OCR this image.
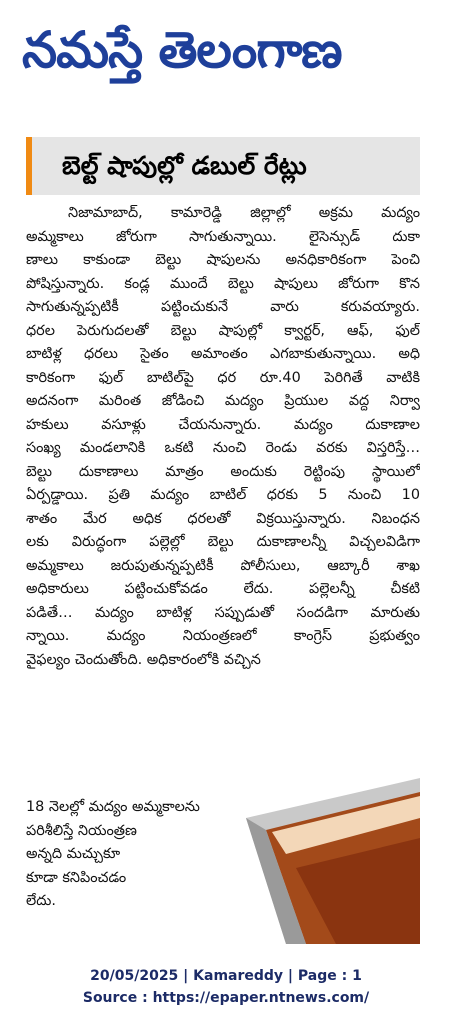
నమస్తే తెలంగాణ
బెల్ట్ షాపుల్లో డబుల్ రేట్లు
నిజామాబాద్, కామారెడ్డి జిల్లాల్లో అక్రమ మద్యం
అమ్మకాలు జోరుగా సాగుతున్నాయి. లైసెన్సుడ్ దుకా
ణాలు కాకుండా బెల్టు షాపులను అనధికారికంగా పెంచి
పోషిస్తున్నారు. కండ్ల ముందే బెల్టు షాపులు జోరుగా కొన
సాగుతున్నప్పటికీ పట్టించుకునే వారు కరువయ్యారు.
ధరల పెరుగుదలతో బెల్టు షాపుల్లో క్వార్టర్, ఆఫ్, ఫుల్
బాటిళ్ల ధరలు సైతం అమాంతం ఎగబాకుతున్నాయి. అధి
కారికంగా ఫుల్ బాటిల్‌పై ధర రూ.40 పెరిగితే వాటికి
అదనంగా మరింత జోడించి మద్యం ప్రియుల వద్ద నిర్వా
హకులు వసూళ్లు చేయనున్నారు. మద్యం దుకాణాల
సంఖ్య మండలానికి ఒకటి నుంచి రెండు వరకు విస్తరిస్తే…
బెల్టు దుకాణాలు మాత్రం అందుకు రెట్టింపు స్థాయిలో
ఏర్పడ్డాయి. ప్రతి మద్యం బాటిల్ ధరకు 5 నుంచి 10
శాతం మేర అధిక ధరలతో విక్రయిస్తున్నారు. నిబంధన
లకు విరుద్ధంగా పల్లెల్లో బెల్టు దుకాణాలన్నీ విచ్చలవిడిగా
అమ్మకాలు జరుపుతున్నప్పటికీ పోలీసులు, ఆబ్కారీ శాఖ
అధికారులు పట్టించుకోవడం లేదు. పల్లెలన్నీ చీకటి
పడితే… మద్యం బాటిళ్ల సప్పుడుతో సందడిగా మారుతు
న్నాయి. మద్యం నియంత్రణలో కాంగ్రెస్ ప్రభుత్వం
వైఫల్యం చెందుతోంది. అధికారంలోకి వచ్చిన
18 నెలల్లో మద్యం అమ్మకాలను
పరిశీలిస్తే నియంత్రణ
అన్నది మచ్చుకూ
కూడా కనిపించడం
లేదు.
20/05/2025 | Kamareddy | Page : 1
Source : https://epaper.ntnews.com/
